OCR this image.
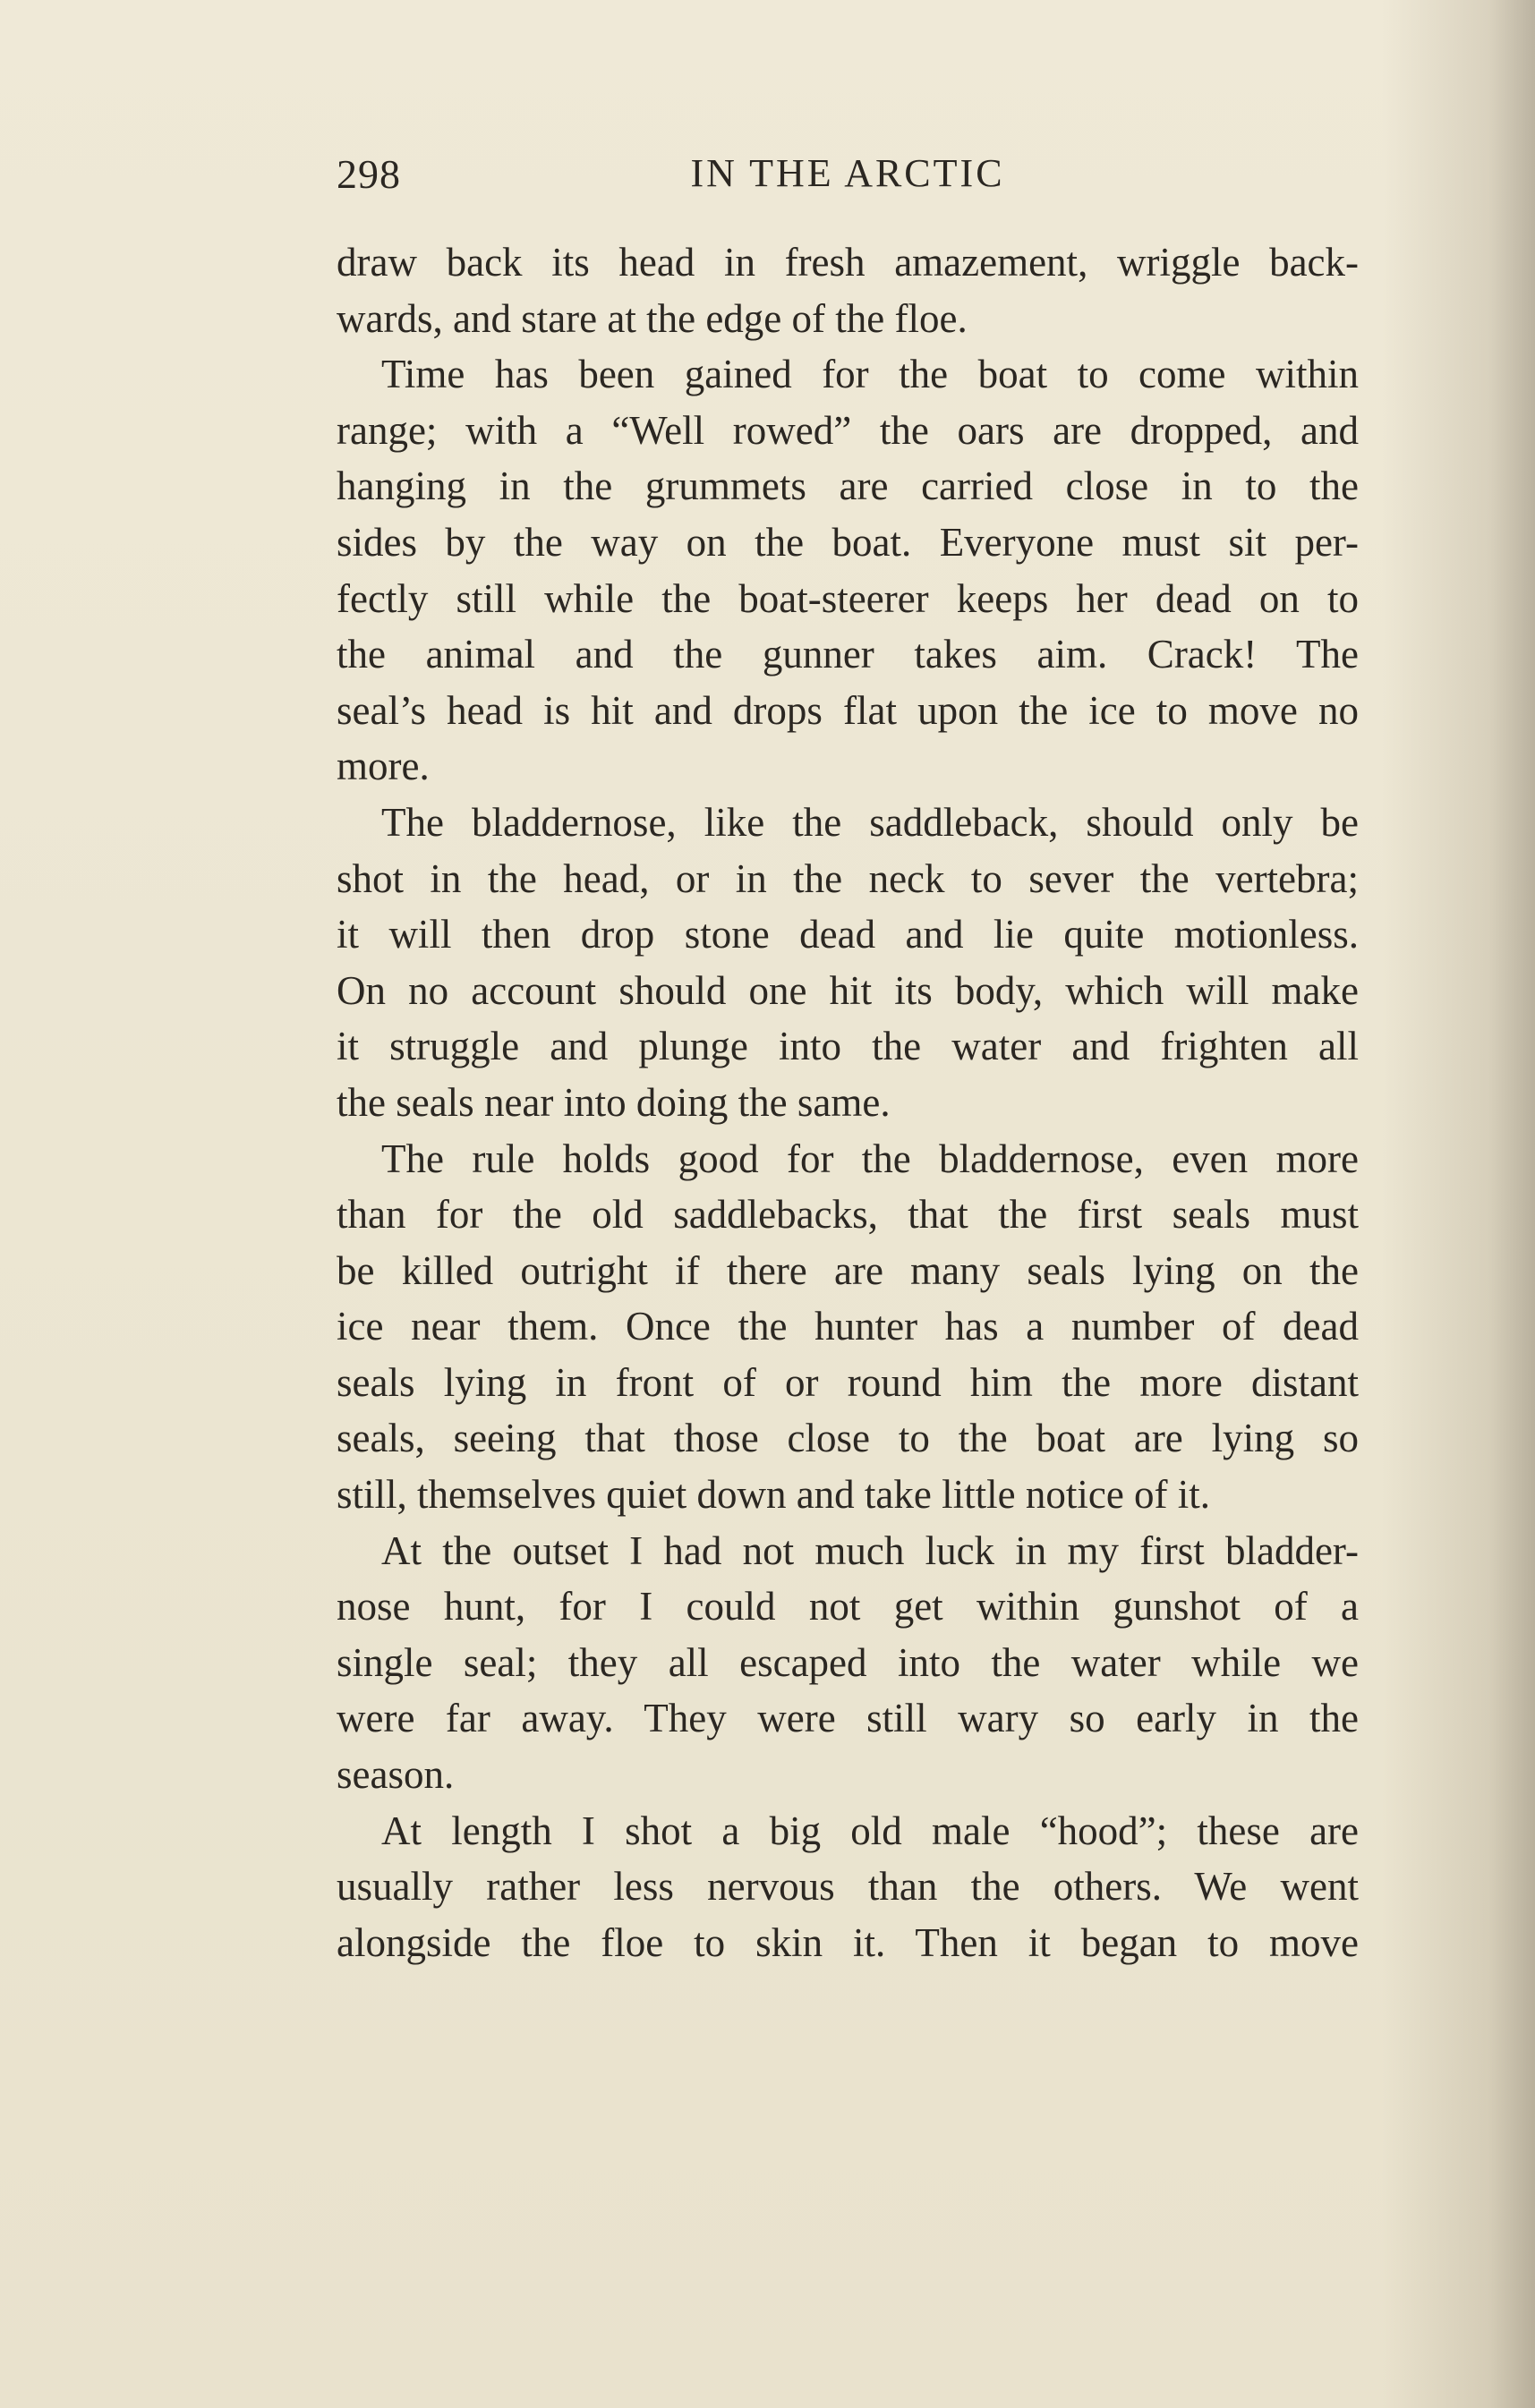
298	IN THE ARCTIC
draw back its head in fresh amazement, wriggle back-
wards, and stare at the edge of the floe.
Time has been gained for the boat to come within
range; with a “Well rowed” the oars are dropped, and
hanging in the grummets are carried close in to the
sides by the way on the boat. Everyone must sit per-
fectly still while the boat-steerer keeps her dead on to
the animal and the gunner takes aim. Crack! The
seal’s head is hit and drops flat upon the ice to move no
more.
The bladdernose, like the saddleback, should only be
shot in the head, or in the neck to sever the vertebra;
it will then drop stone dead and lie quite motionless.
On no account should one hit its body, which will make
it struggle and plunge into the water and frighten all
the seals near into doing the same.
The rule holds good for the bladdernose, even more
than for the old saddlebacks, that the first seals must
be killed outright if there are many seals lying on the
ice near them. Once the hunter has a number of dead
seals lying in front of or round him the more distant
seals, seeing that those close to the boat are lying so
still, themselves quiet down and take little notice of it.
At the outset I had not much luck in my first bladder-
nose hunt, for I could not get within gunshot of a
single seal; they all escaped into the water while we
were far away. They were still wary so early in the
season.
At length I shot a big old male “hood”; these are
usually rather less nervous than the others. We went
alongside the floe to skin it. Then it began to move
